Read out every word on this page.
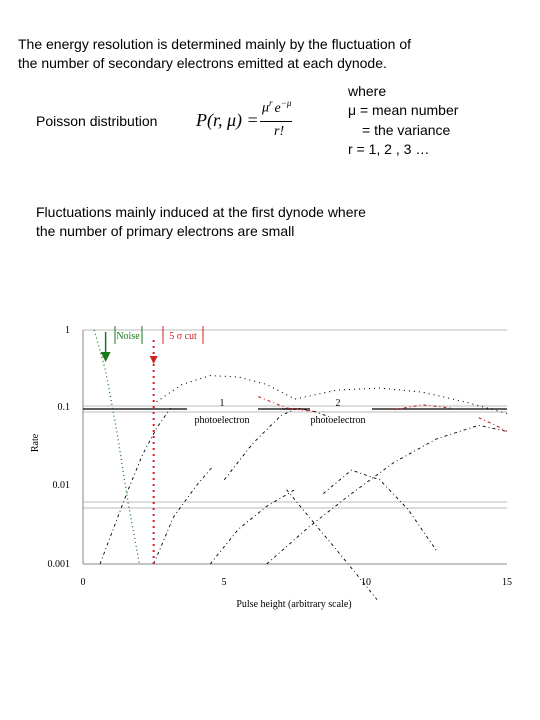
The energy resolution is determined mainly by the fluctuation of
the number of secondary electrons emitted at each dynode.
Poisson distribution P(r, μ) =
$\mu^r$ $e^{-\mu}$
r!
where
μ = mean number
= the variance
r = 1, 2 , 3 …
Fluctuations mainly induced at the first dynode where
the number of primary electrons are small
Noise	5 σ cut
1
photoelectron
2
photoelectron
1
0.1
0.01
0.001
0	5	10	15
Pulse height (arbitrary scale)
Rate
